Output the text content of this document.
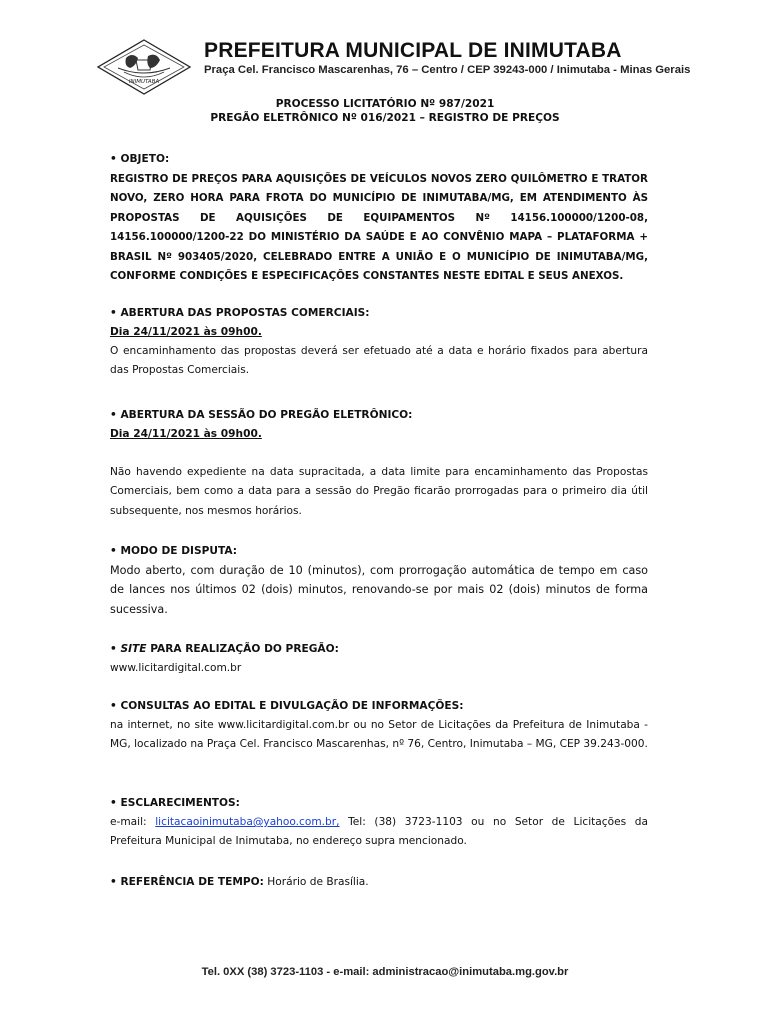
INIMUTABA
PREFEITURA MUNICIPAL DE INIMUTABA
Praça Cel. Francisco Mascarenhas, 76 – Centro / CEP 39243-000 / Inimutaba - Minas Gerais
PROCESSO LICITATÓRIO Nº 987/2021
PREGÃO ELETRÔNICO Nº 016/2021 – REGISTRO DE PREÇOS
• OBJETO:
REGISTRO DE PREÇOS PARA AQUISIÇÕES DE VEÍCULOS NOVOS ZERO QUILÔMETRO E TRATOR
NOVO, ZERO HORA PARA FROTA DO MUNICÍPIO DE INIMUTABA/MG, EM ATENDIMENTO ÀS
PROPOSTAS DE AQUISIÇÕES DE EQUIPAMENTOS Nº 14156.100000/1200-08,
14156.100000/1200-22 DO MINISTÉRIO DA SAÚDE E AO CONVÊNIO MAPA – PLATAFORMA +
BRASIL Nº 903405/2020, CELEBRADO ENTRE A UNIÃO E O MUNICÍPIO DE INIMUTABA/MG,
CONFORME CONDIÇÕES E ESPECIFICAÇÕES CONSTANTES NESTE EDITAL E SEUS ANEXOS.
• ABERTURA DAS PROPOSTAS COMERCIAIS:
Dia 24/11/2021 às 09h00.
O encaminhamento das propostas deverá ser efetuado até a data e horário fixados para abertura das Propostas Comerciais.
• ABERTURA DA SESSÃO DO PREGÃO ELETRÔNICO:
Dia 24/11/2021 às 09h00.
Não havendo expediente na data supracitada, a data limite para encaminhamento das Propostas Comerciais, bem como a data para a sessão do Pregão ficarão prorrogadas para o primeiro dia útil subsequente, nos mesmos horários.
• MODO DE DISPUTA:
Modo aberto, com duração de 10 (minutos), com prorrogação automática de tempo em caso de lances nos últimos 02 (dois) minutos, renovando-se por mais 02 (dois) minutos de forma sucessiva.
• SITE PARA REALIZAÇÃO DO PREGÃO:
www.licitardigital.com.br
• CONSULTAS AO EDITAL E DIVULGAÇÃO DE INFORMAÇÕES:
na internet, no site www.licitardigital.com.br ou no Setor de Licitações da Prefeitura de Inimutaba - MG, localizado na Praça Cel. Francisco Mascarenhas, nº 76, Centro, Inimutaba – MG, CEP 39.243-000.
• ESCLARECIMENTOS:
e-mail: licitacaoinimutaba@yahoo.com.br, Tel: (38) 3723-1103 ou no Setor de Licitações da Prefeitura Municipal de Inimutaba, no endereço supra mencionado.
• REFERÊNCIA DE TEMPO: Horário de Brasília.
Tel. 0XX (38) 3723-1103 - e-mail: administracao@inimutaba.mg.gov.br
